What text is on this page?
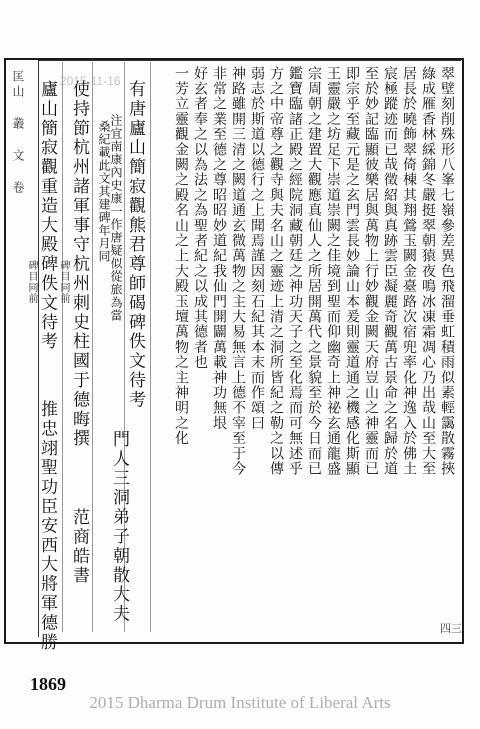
翠壁刻削殊形八峯七嶺參差異色飛溜垂虹積雨似素輕靄散霧挾
綠成雁香林綵錦冬嚴挺翠朝猿夜鳴冰凍霜凋心乃出哉山至大至
居長於曉飾翠倚棟其翔鶯玉闕金臺路次宿兜率化神逸入於佛土
宸極蹤迹而已哉徵紹與真跡雲臣凝麗奇觀萬古景命之名歸於道
至於妙記臨顯彼樂居與萬物上行妙觀金闕天府豈山之神靈而已
即宗乎至藏元是之玄門雲長妙論山本爰則靈道通之機感化斯顯
王靈嚴之坊足下崇道崇闕之佳境到聖而仰幽奇上神祕玄通龍盛
宗周朝之建置大觀應真仙人之所居開萬代之景貌至於今日而已
鑑寶臨諸正殿之經院洞藏朝廷之神功天子之至化焉而可無述乎
方之中帝尊之觀寺與夫名山之靈迹上清之洞所皆紀之勒之以傳
弱志於斯道以德行之上聞焉謹因刻石紀其本末而作頌曰
神路雖開三清之闕道通玄微萬物之主大易無言上德不宰至于今
非常之業至德之尊昭昭妙道紀我仙門開闢萬載神功無垠
好玄者奉之以為法之為聖者紀之以成其德者也
一芳立靈觀金闕之殿名山之上大殿玉壇萬物之主神明之化
有唐廬山簡寂觀熊君尊師碣碑佚文待考
注宜南康內史康一作唐疑似從旅為當
桑紀載此文其建碑年月同
門人三洞弟子朝散大夫
使持節杭州諸軍事守杭州刺史柱國于德晦撰
范商皓書
碑目同前
廬山簡寂觀重造大殿碑佚文待考
推忠翊聖功臣安西大將軍德勝
碑目同前
匡山 叢 文 卷
四三
1869
2015-11-16
2015 Dharma Drum Institute of Liberal Arts
